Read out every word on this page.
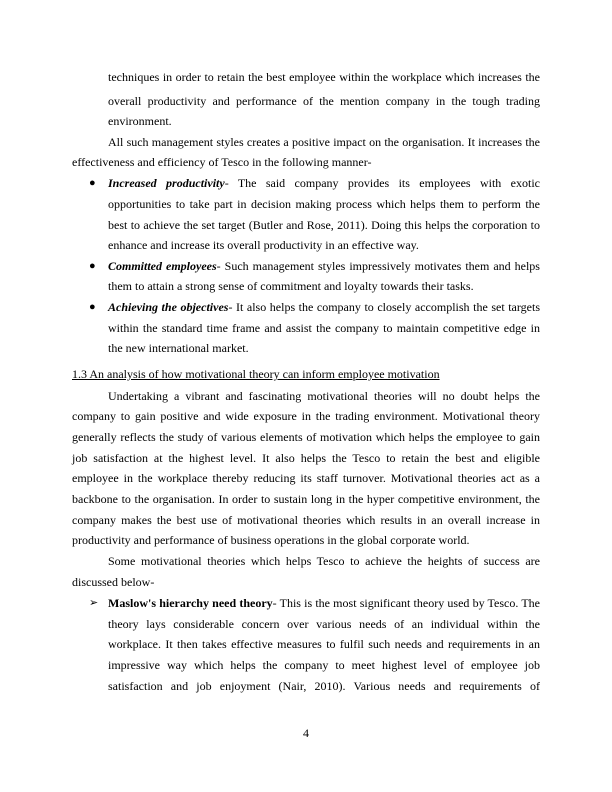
techniques in order to retain the best employee within the workplace which increases the
overall productivity and performance of the mention company in the tough trading
environment.
All such management styles creates a positive impact on the organisation. It increases the
effectiveness and efficiency of Tesco in the following manner-
● Increased productivity- The said company provides its employees with exotic
opportunities to take part in decision making process which helps them to perform the
best to achieve the set target (Butler and Rose, 2011). Doing this helps the corporation to
enhance and increase its overall productivity in an effective way.
● Committed employees- Such management styles impressively motivates them and helps
them to attain a strong sense of commitment and loyalty towards their tasks.
● Achieving the objectives- It also helps the company to closely accomplish the set targets
within the standard time frame and assist the company to maintain competitive edge in
the new international market.
1.3 An analysis of how motivational theory can inform employee motivation
Undertaking a vibrant and fascinating motivational theories will no doubt helps the
company to gain positive and wide exposure in the trading environment. Motivational theory
generally reflects the study of various elements of motivation which helps the employee to gain
job satisfaction at the highest level. It also helps the Tesco to retain the best and eligible
employee in the workplace thereby reducing its staff turnover. Motivational theories act as a
backbone to the organisation. In order to sustain long in the hyper competitive environment, the
company makes the best use of motivational theories which results in an overall increase in
productivity and performance of business operations in the global corporate world.
Some motivational theories which helps Tesco to achieve the heights of success are
discussed below-
➢ Maslow's hierarchy need theory- This is the most significant theory used by Tesco. The
theory lays considerable concern over various needs of an individual within the
workplace. It then takes effective measures to fulfil such needs and requirements in an
impressive way which helps the company to meet highest level of employee job
satisfaction and job enjoyment (Nair, 2010). Various needs and requirements of
4
